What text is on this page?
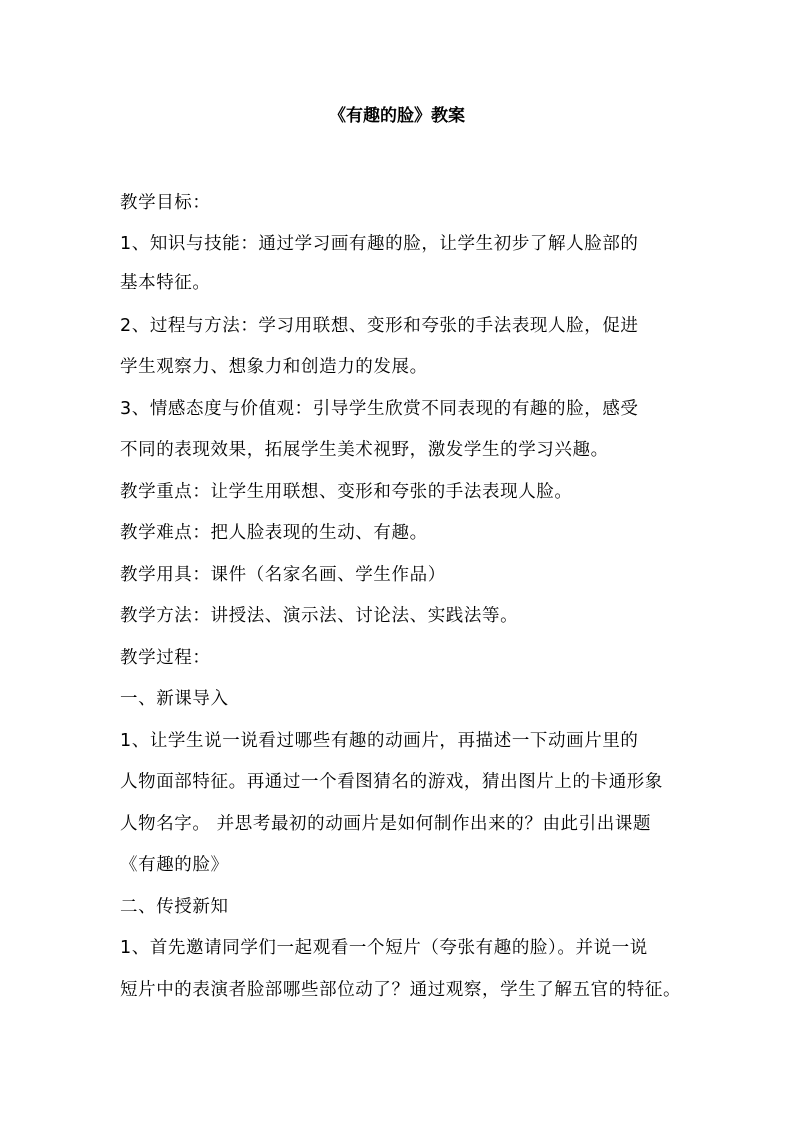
《有趣的脸》教案
教学目标：
1、知识与技能：通过学习画有趣的脸，让学生初步了解人脸部的
基本特征。
2、过程与方法：学习用联想、变形和夸张的手法表现人脸，促进
学生观察力、想象力和创造力的发展。
3、情感态度与价值观：引导学生欣赏不同表现的有趣的脸，感受
不同的表现效果，拓展学生美术视野，激发学生的学习兴趣。
教学重点：让学生用联想、变形和夸张的手法表现人脸。
教学难点：把人脸表现的生动、有趣。
教学用具：课件（名家名画、学生作品）
教学方法：讲授法、演示法、讨论法、实践法等。
教学过程：
一、新课导入
1、让学生说一说看过哪些有趣的动画片，再描述一下动画片里的
人物面部特征。再通过一个看图猜名的游戏，猜出图片上的卡通形象
人物名字。 并思考最初的动画片是如何制作出来的？由此引出课题
《有趣的脸》
二、传授新知
1、首先邀请同学们一起观看一个短片（夸张有趣的脸）。并说一说
短片中的表演者脸部哪些部位动了？通过观察，学生了解五官的特征。
